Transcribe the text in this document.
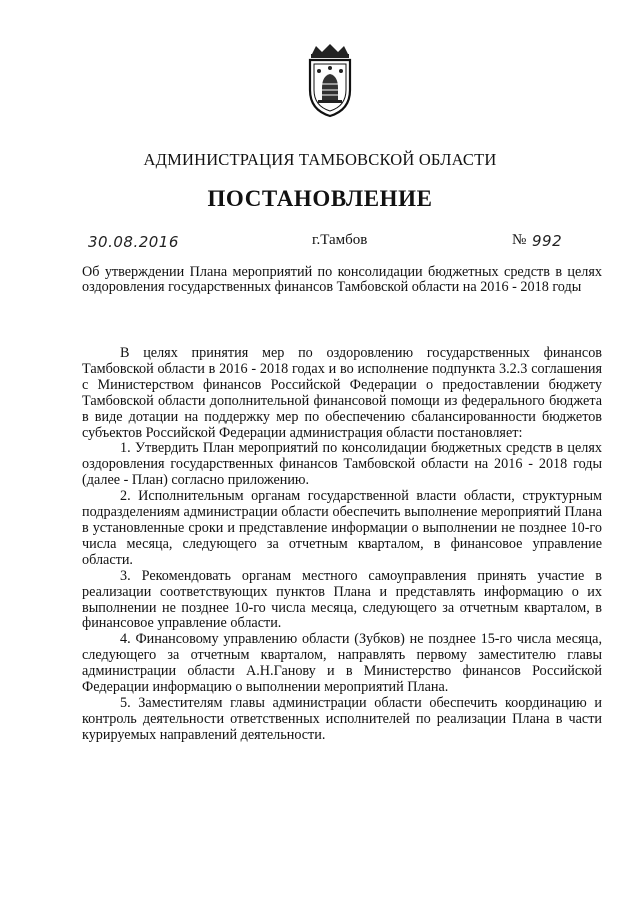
АДМИНИСТРАЦИЯ ТАМБОВСКОЙ ОБЛАСТИ
ПОСТАНОВЛЕНИЕ
30.08.2016	г.Тамбов	№ 992

Об утверждении Плана мероприятий по консолидации бюджетных средств в целях оздоровления государственных финансов Тамбовской области на 2016 - 2018 годы

В целях принятия мер по оздоровлению государственных финансов Тамбовской области в 2016 - 2018 годах и во исполнение подпункта 3.2.3 соглашения с Министерством финансов Российской Федерации о предоставлении бюджету Тамбовской области дополнительной финансовой помощи из федерального бюджета в виде дотации на поддержку мер по обеспечению сбалансированности бюджетов субъектов Российской Федерации администрация области постановляет:

1. Утвердить План мероприятий по консолидации бюджетных средств в целях оздоровления государственных финансов Тамбовской области на 2016 - 2018 годы (далее - План) согласно приложению.

2. Исполнительным органам государственной власти области, структурным подразделениям администрации области обеспечить выполнение мероприятий Плана в установленные сроки и представление информации о выполнении не позднее 10-го числа месяца, следующего за отчетным кварталом, в финансовое управление области.

3. Рекомендовать органам местного самоуправления принять участие в реализации соответствующих пунктов Плана и представлять информацию о их выполнении не позднее 10-го числа месяца, следующего за отчетным кварталом, в финансовое управление области.

4. Финансовому управлению области (Зубков) не позднее 15-го числа месяца, следующего за отчетным кварталом, направлять первому заместителю главы администрации области А.Н.Ганову и в Министерство финансов Российской Федерации информацию о выполнении мероприятий Плана.

5. Заместителям главы администрации области обеспечить координацию и контроль деятельности ответственных исполнителей по реализации Плана в части курируемых направлений деятельности.
